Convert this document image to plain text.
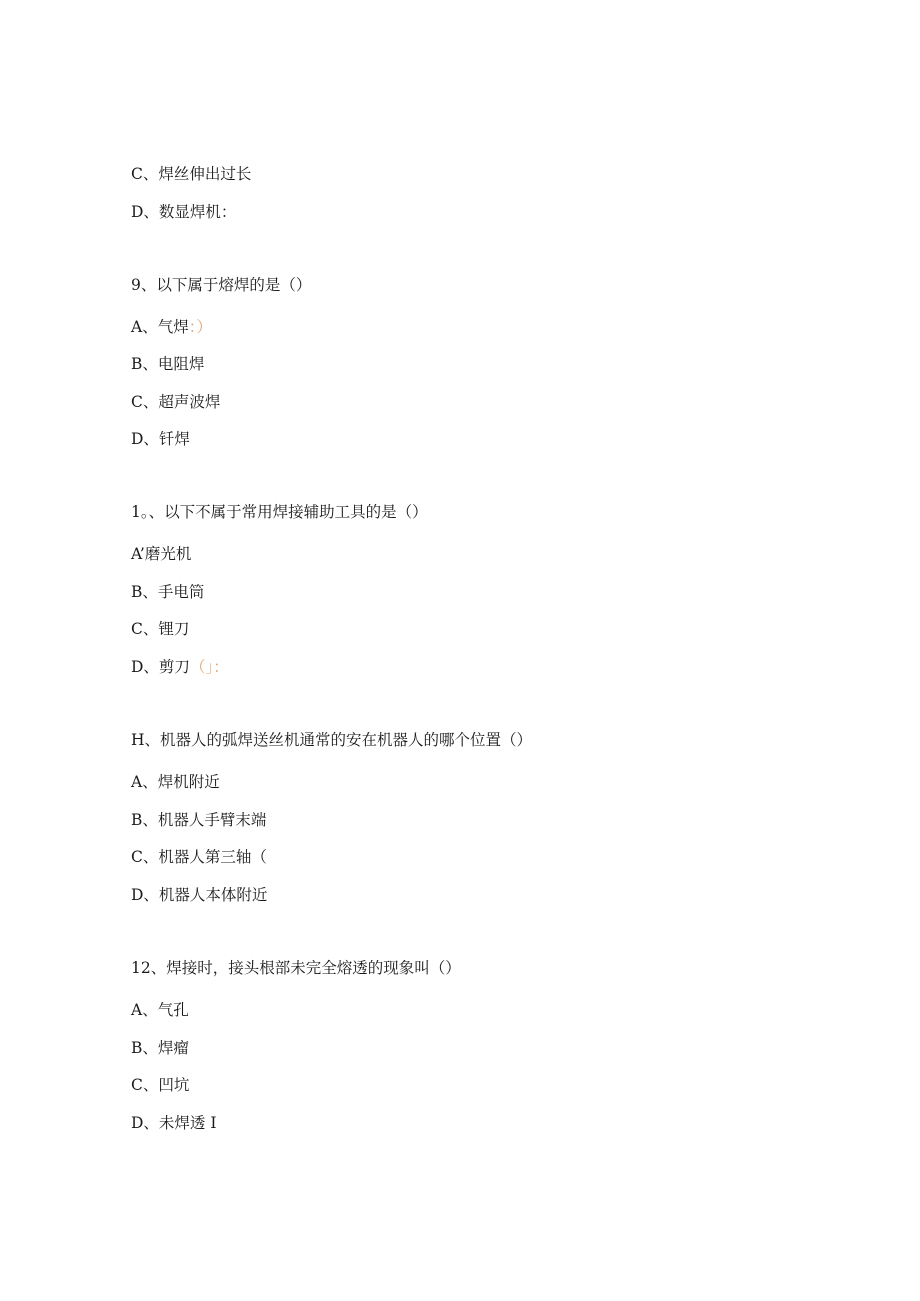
C、焊丝伸出过长
D、数显焊机：
9、以下属于熔焊的是（）
A、气焊：）
B、电阻焊
C、超声波焊
D、钎焊
1。、以下不属于常用焊接辅助工具的是（）
A’磨光机
B、手电筒
C、锂刀
D、剪刀（」：
H、机器人的弧焊送丝机通常的安在机器人的哪个位置（）
A、焊机附近
B、机器人手臂末端
C、机器人第三轴（
D、机器人本体附近
12、焊接时，接头根部未完全熔透的现象叫（）
A、气孔
B、焊瘤
C、凹坑
D、未焊透 I
